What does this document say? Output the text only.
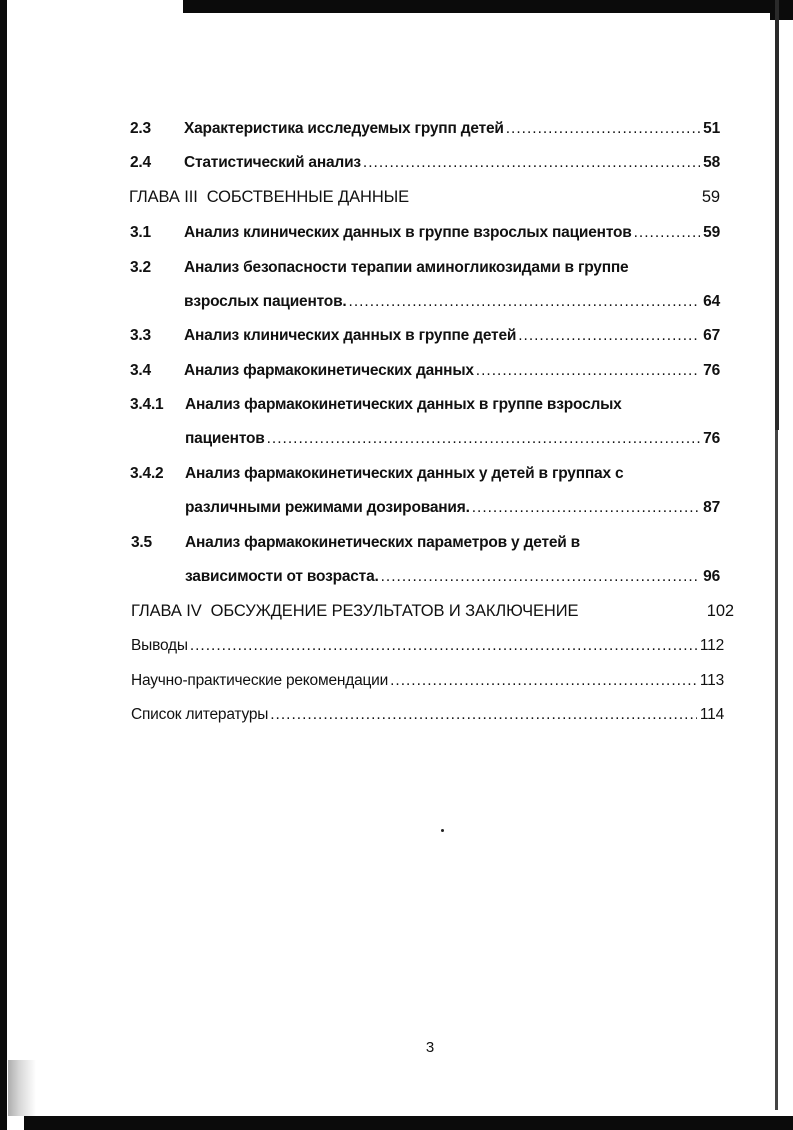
2.3 Характеристика исследуемых групп детей .....	51
2.4 Статистический анализ .....	58
ГЛАВА III  СОБСТВЕННЫЕ ДАННЫЕ	59
3.1 Анализ клинических данных в группе взрослых пациентов .....	59
3.2 Анализ безопасности терапии аминогликозидами в группе
взрослых пациентов. .....	64
3.3 Анализ клинических данных в группе детей .....	67
3.4 Анализ фармакокинетических данных .....	76
3.4.1 Анализ фармакокинетических данных в группе взрослых
пациентов .....	76
3.4.2 Анализ фармакокинетических данных у детей в группах с
различными режимами дозирования. .....	87
3.5 Анализ фармакокинетических параметров у детей в
зависимости от возраста. .....	96
ГЛАВА IV  ОБСУЖДЕНИЕ РЕЗУЛЬТАТОВ И ЗАКЛЮЧЕНИЕ	102
Выводы .....	112
Научно-практические рекомендации .....	113
Список литературы .....	114
3
